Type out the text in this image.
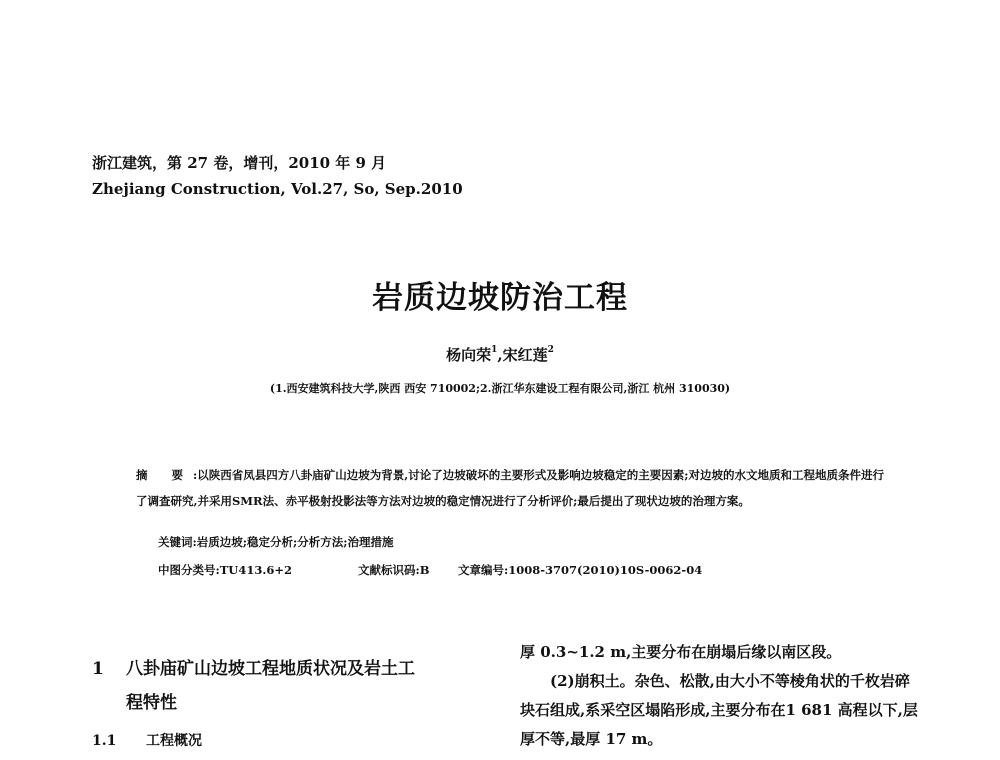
浙江建筑，第 27 卷，增刊，2010 年 9 月
Zhejiang Construction, Vol.27, So, Sep.2010
岩质边坡防治工程
杨向荣$^1$,宋红莲$^2$
(1.西安建筑科技大学,陕西 西安 710002;2.浙江华东建设工程有限公司,浙江 杭州 310030)
摘 要:以陕西省凤县四方八卦庙矿山边坡为背景,讨论了边坡破坏的主要形式及影响边坡稳定的主要因素;对边坡的水文地质和工程地质条件进行了调查研究,并采用SMR法、赤平极射投影法等方法对边坡的稳定情况进行了分析评价;最后提出了现状边坡的治理方案。
关键词:岩质边坡;稳定分析;分析方法;治理措施
中图分类号:TU413.6+2	文献标识码:B 文章编号:1008-3707(2010)10S-0062-04
1 八卦庙矿山边坡工程地质状况及岩土工
程特性
1.1 工程概况

厚 0.3~1.2 m,主要分布在崩塌后缘以南区段。

(2)崩积土。杂色、松散,由大小不等棱角状的千枚岩碎块石组成,系采空区塌陷形成,主要分布在1 681 高程以下,层厚不等,最厚 17 m。
